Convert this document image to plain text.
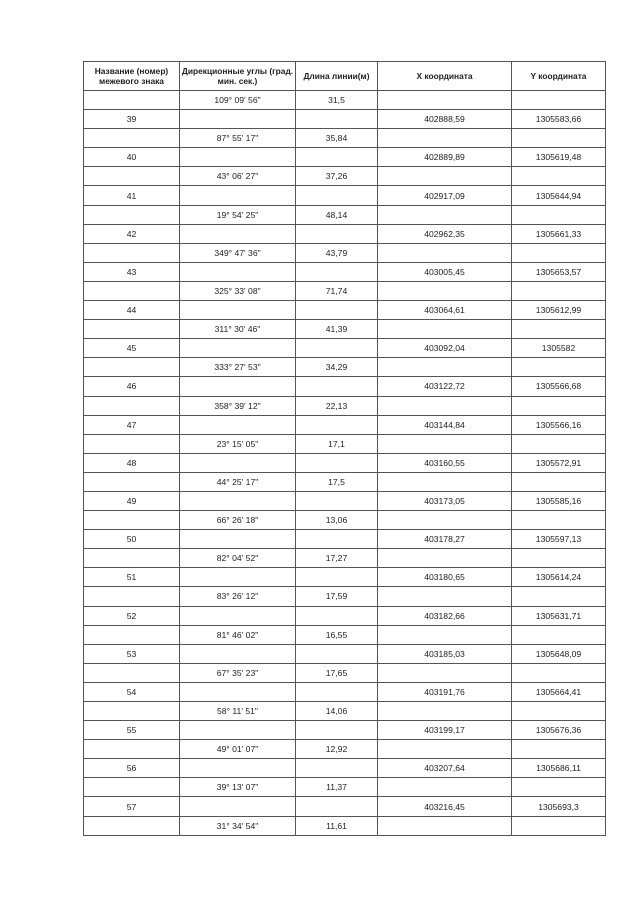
Название (номер) межевого знака	Дирекционные углы (град. мин. сек.)	Длина линии(м)	X координата	Y координата
	109° 09' 56"	31,5		
39			402888,59	1305583,66
	87° 55' 17"	35,84		
40			402889,89	1305619,48
	43° 06' 27"	37,26		
41			402917,09	1305644,94
	19° 54' 25"	48,14		
42			402962,35	1305661,33
	349° 47' 36"	43,79		
43			403005,45	1305653,57
	325° 33' 08"	71,74		
44			403064,61	1305612,99
	311° 30' 46"	41,39		
45			403092,04	1305582
	333° 27' 53"	34,29		
46			403122,72	1305566,68
	358° 39' 12"	22,13		
47			403144,84	1305566,16
	23° 15' 05"	17,1		
48			403160,55	1305572,91
	44° 25' 17"	17,5		
49			403173,05	1305585,16
	66° 26' 18"	13,06		
50			403178,27	1305597,13
	82° 04' 52"	17,27		
51			403180,65	1305614,24
	83° 26' 12"	17,59		
52			403182,66	1305631,71
	81° 46' 02"	16,55		
53			403185,03	1305648,09
	67° 35' 23"	17,65		
54			403191,76	1305664,41
	58° 11' 51"	14,06		
55			403199,17	1305676,36
	49° 01' 07"	12,92		
56			403207,64	1305686,11
	39° 13' 07"	11,37		
57			403216,45	1305693,3
	31° 34' 54"	11,61		
